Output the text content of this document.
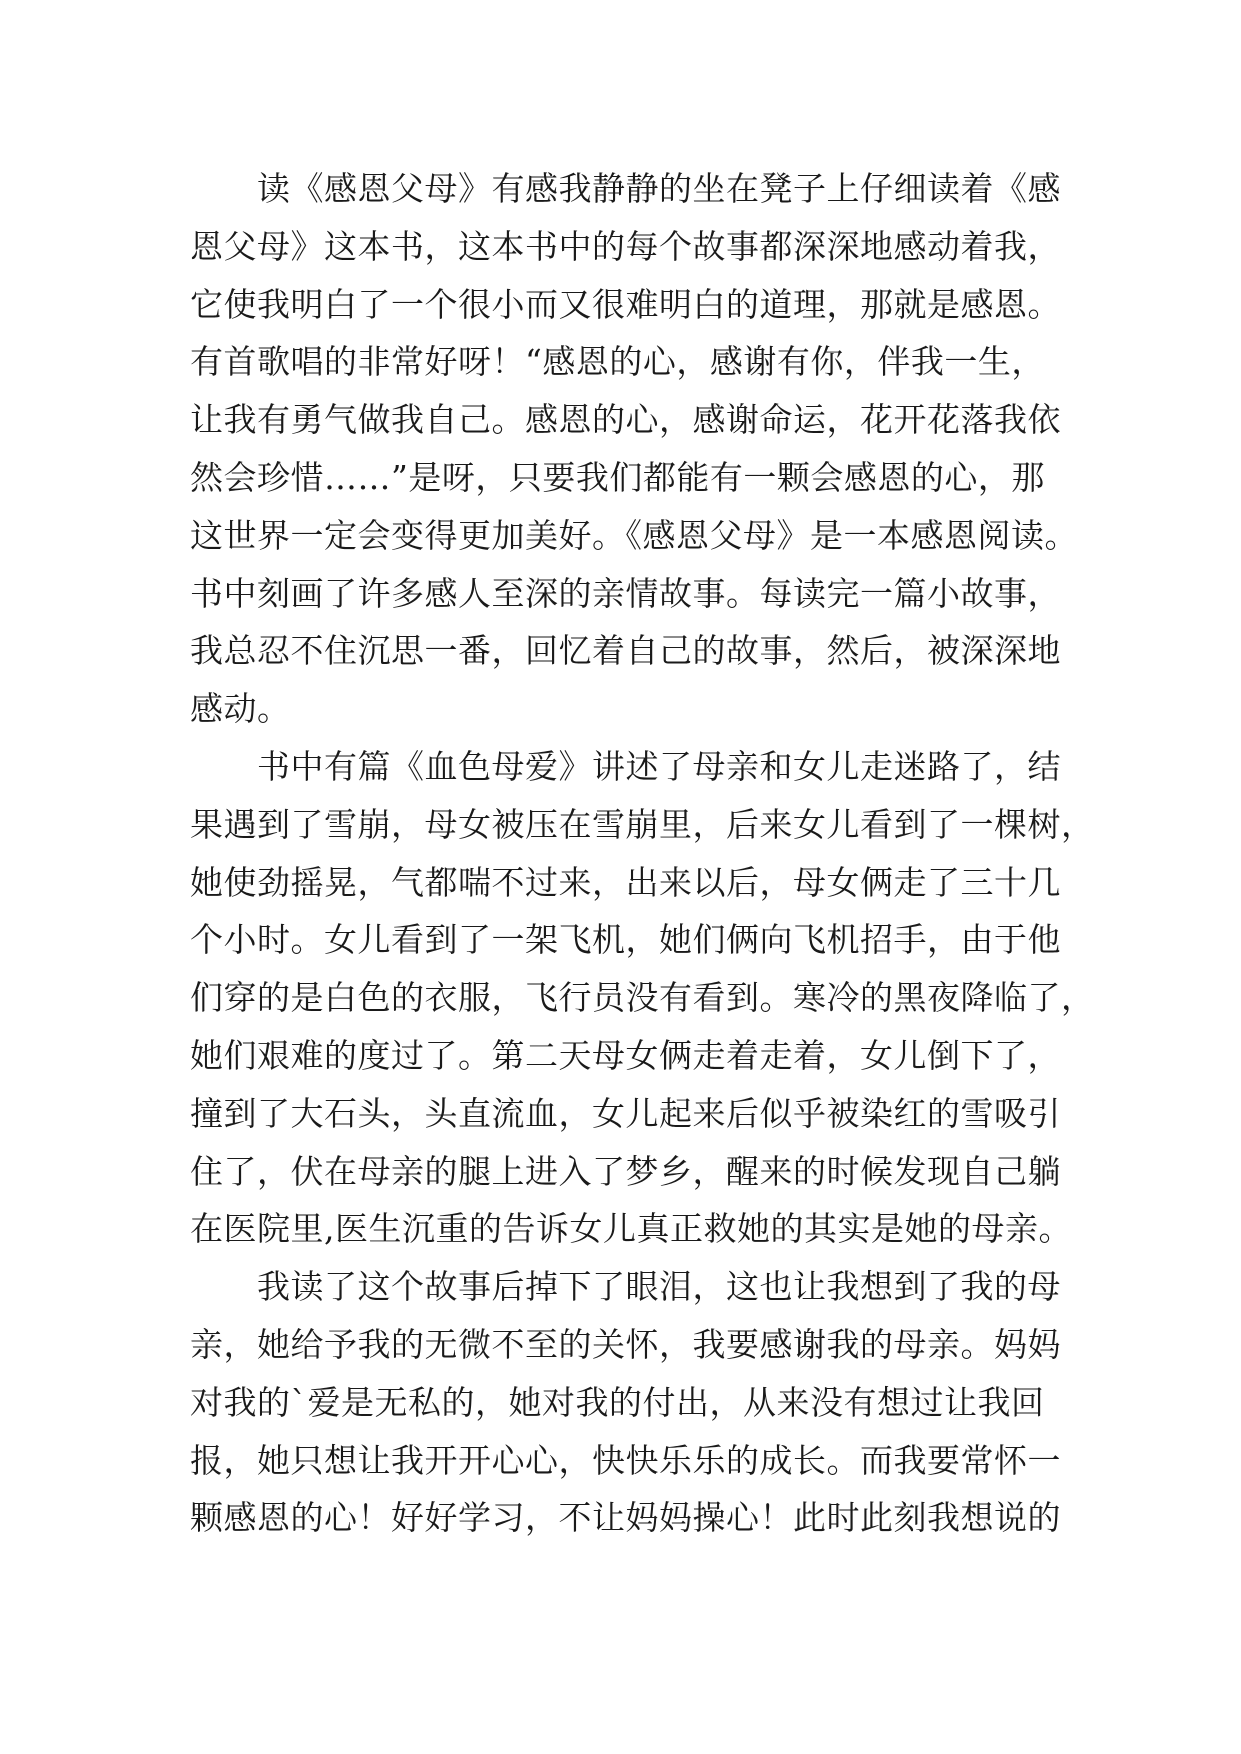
　　读《感恩父母》有感我静静的坐在凳子上仔细读着《感
恩父母》这本书，这本书中的每个故事都深深地感动着我，
它使我明白了一个很小而又很难明白的道理，那就是感恩。
有首歌唱的非常好呀！“感恩的心，感谢有你，伴我一生，
让我有勇气做我自己。感恩的心，感谢命运，花开花落我依
然会珍惜……”是呀，只要我们都能有一颗会感恩的心，那
这世界一定会变得更加美好。《感恩父母》是一本感恩阅读。
书中刻画了许多感人至深的亲情故事。每读完一篇小故事，
我总忍不住沉思一番，回忆着自己的故事，然后，被深深地
感动。
　　书中有篇《血色母爱》讲述了母亲和女儿走迷路了，结
果遇到了雪崩，母女被压在雪崩里，后来女儿看到了一棵树，
她使劲摇晃，气都喘不过来，出来以后，母女俩走了三十几
个小时。女儿看到了一架飞机，她们俩向飞机招手，由于他
们穿的是白色的衣服，飞行员没有看到。寒冷的黑夜降临了，
她们艰难的度过了。第二天母女俩走着走着，女儿倒下了，
撞到了大石头，头直流血，女儿起来后似乎被染红的雪吸引
住了，伏在母亲的腿上进入了梦乡，醒来的时候发现自己躺
在医院里,医生沉重的告诉女儿真正救她的其实是她的母亲。
　　我读了这个故事后掉下了眼泪，这也让我想到了我的母
亲，她给予我的无微不至的关怀，我要感谢我的母亲。妈妈
对我的`爱是无私的，她对我的付出，从来没有想过让我回
报，她只想让我开开心心，快快乐乐的成长。而我要常怀一
颗感恩的心！好好学习，不让妈妈操心！此时此刻我想说的
